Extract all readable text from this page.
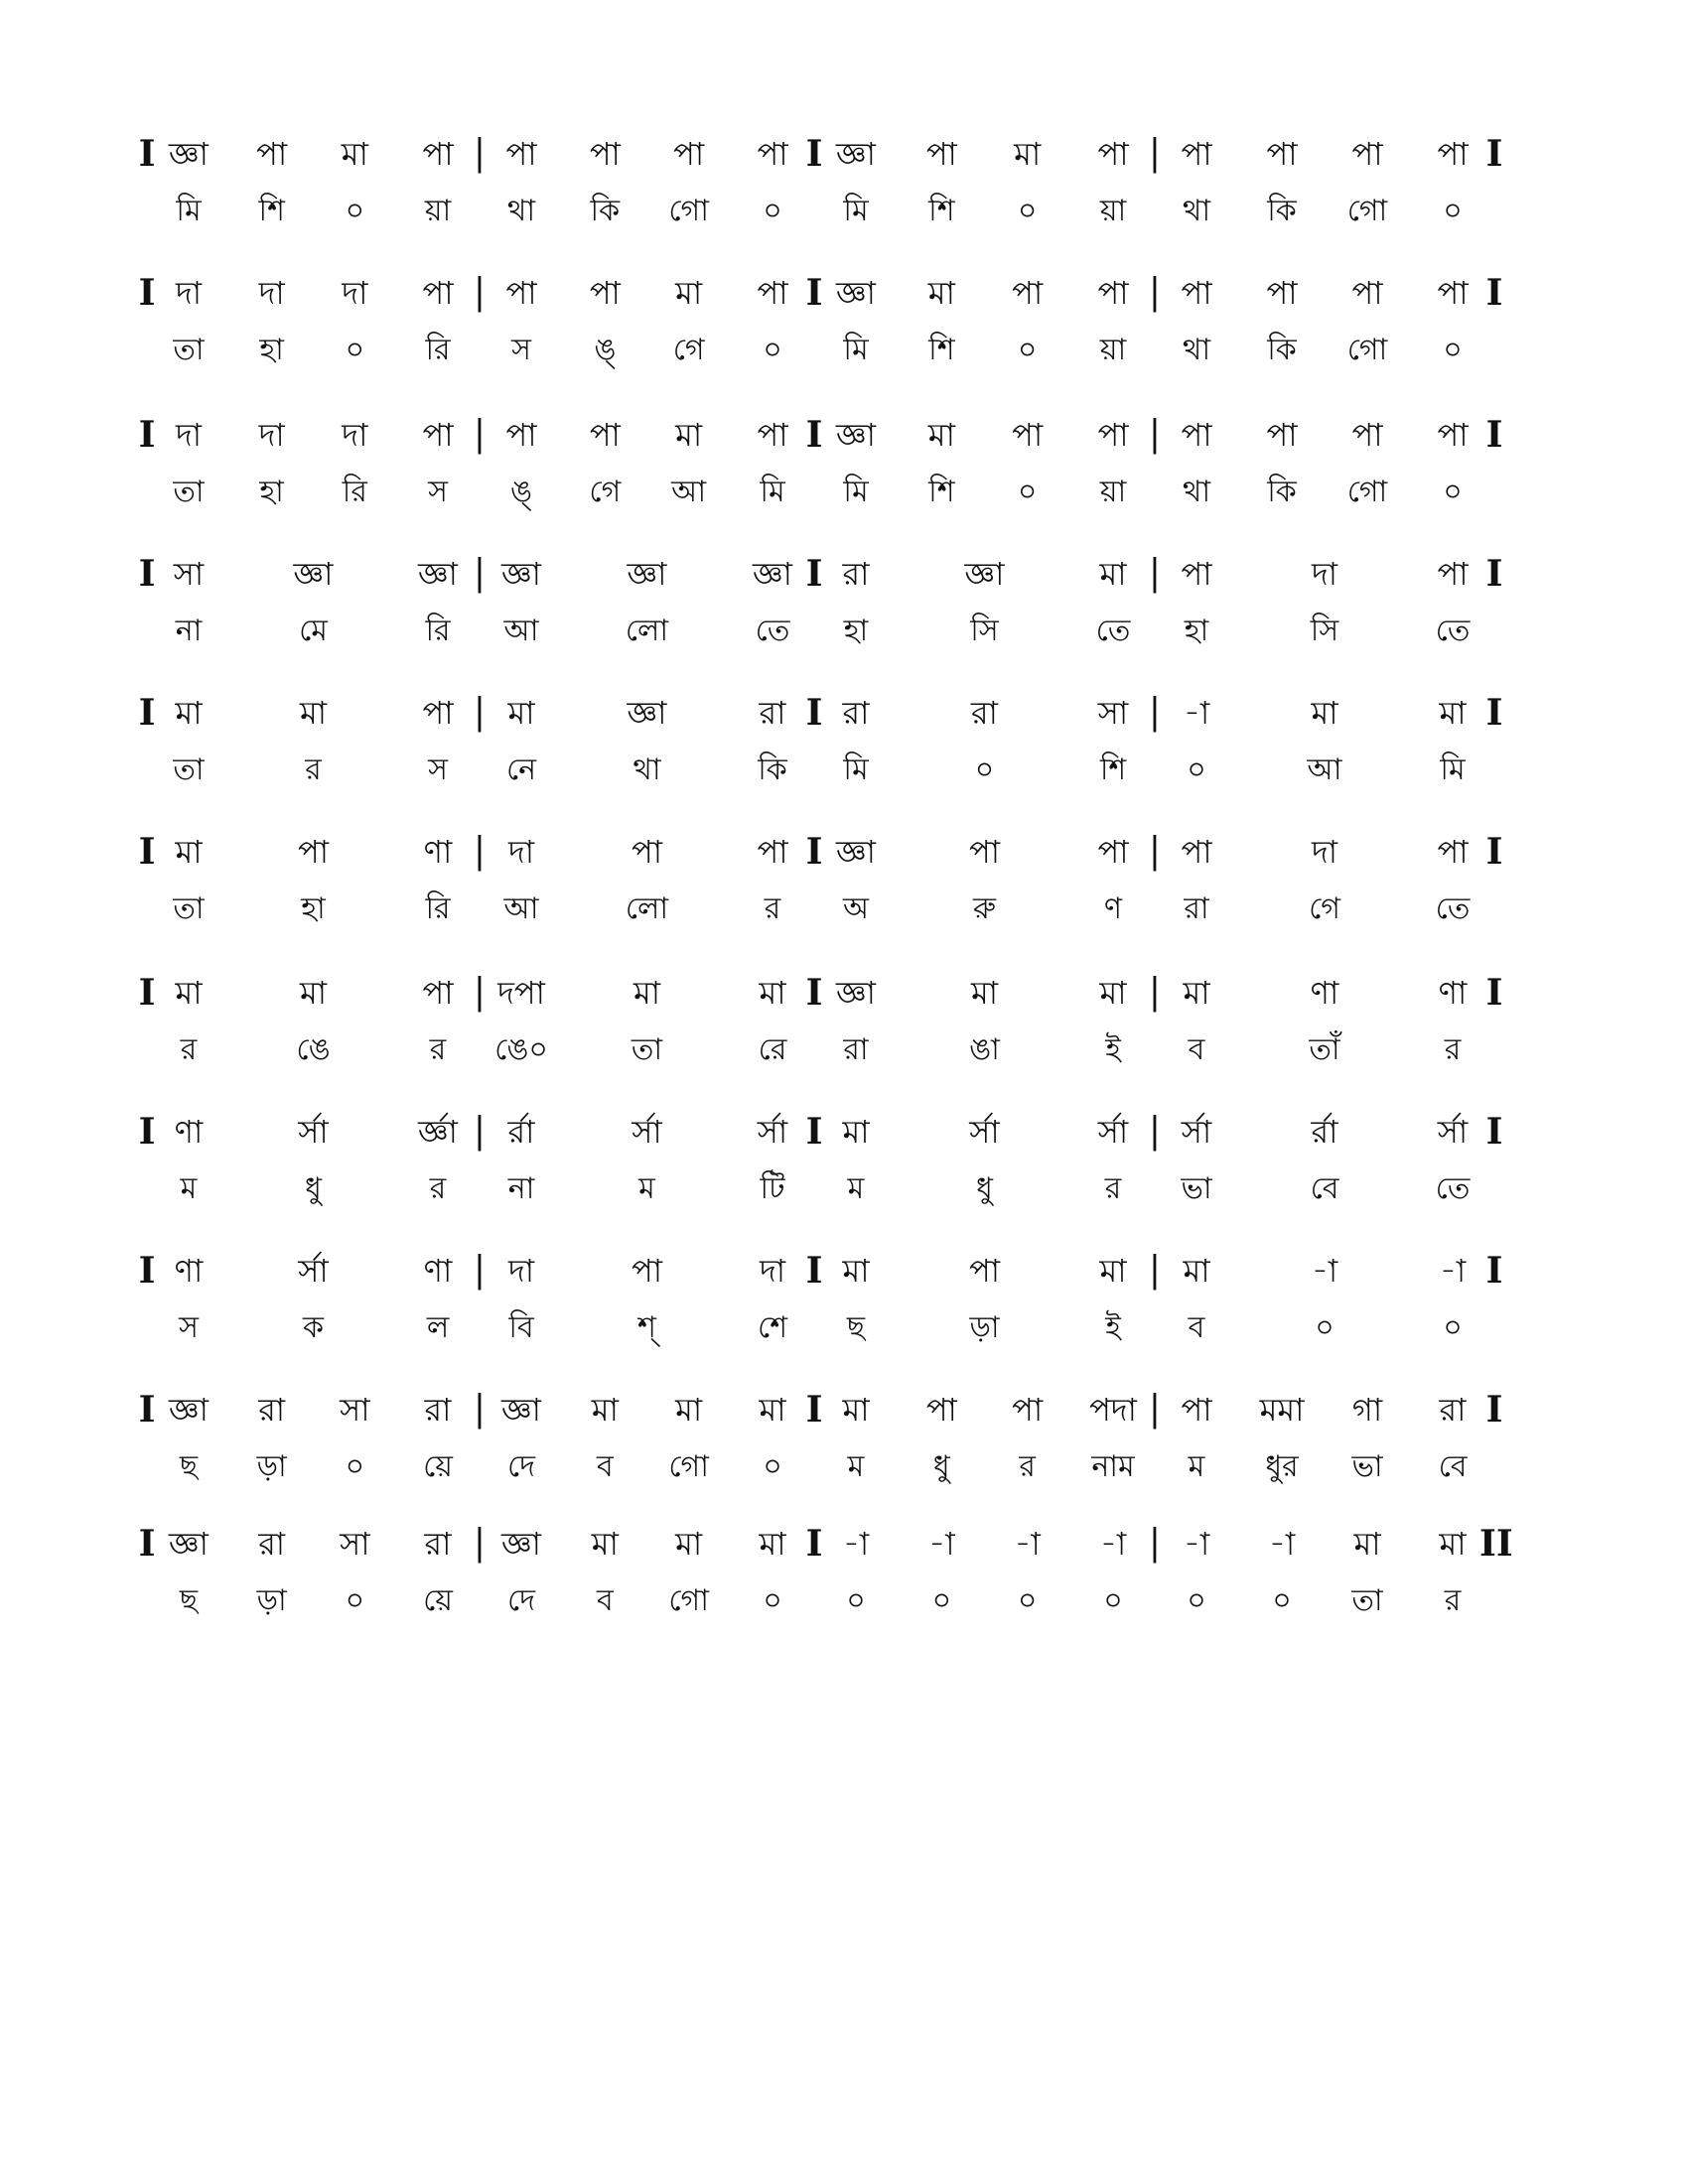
I	|	I	|	I
জ্ঞা	পা	মা	পা	পা	পা	পা	পা	জ্ঞা	পা	মা	পা	পা	পা	পা	পা
মি	শি	০	য়া	থা	কি	গো	০	মি	শি	০	য়া	থা	কি	গো	০
I	|	I	|	I
দা	দা	দা	পা	পা	পা	মা	পা	জ্ঞা	মা	পা	পা	পা	পা	পা	পা
তা	হা	০	রি	স	ঙ্	গে	০	মি	শি	০	য়া	থা	কি	গো	০
I	|	I	|	I
দা	দা	দা	পা	পা	পা	মা	পা	জ্ঞা	মা	পা	পা	পা	পা	পা	পা
তা	হা	রি	স	ঙ্	গে	আ	মি	মি	শি	০	য়া	থা	কি	গো	০
I	|	I	|	I
সা	জ্ঞা	জ্ঞা	জ্ঞা	জ্ঞা	জ্ঞা	রা	জ্ঞা	মা	পা	দা	পা
না	মে	রি	আ	লো	তে	হা	সি	তে	হা	সি	তে
I	|	I	|	I
মা	মা	পা	মা	জ্ঞা	রা	রা	রা	সা	-া	মা	মা
তা	র	স	নে	থা	কি	মি	০	শি	০	আ	মি
I	|	I	|	I
মা	পা	ণা	দা	পা	পা	জ্ঞা	পা	পা	পা	দা	পা
তা	হা	রি	আ	লো	র	অ	রু	ণ	রা	গে	তে
I	|	I	|	I
মা	মা	পা	দপা	মা	মা	জ্ঞা	মা	মা	মা	ণা	ণা
র	ঙে	র	ঙে০	তা	রে	রা	ঙা	ই	ব	তাঁ	র
I	|	I	|	I
ণা	র্সা	র্জ্ঞা	র্রা	র্সা	র্সা	মা	র্সা	র্সা	র্সা	র্রা	র্সা
ম	ধু	র	না	ম	টি	ম	ধু	র	ভা	বে	তে
I	|	I	|	I
ণা	র্সা	ণা	দা	পা	দা	মা	পা	মা	মা	-া	-া
স	ক	ল	বি	শ্	শে	ছ	ড়া	ই	ব	০	০
I	|	I	|	I
জ্ঞা	রা	সা	রা	জ্ঞা	মা	মা	মা	মা	পা	পা	পদা	পা	মমা	গা	রা
ছ	ড়া	০	য়ে	দে	ব	গো	০	ম	ধু	র	নাম	ম	ধুর	ভা	বে
I	|	I	|	II
জ্ঞা	রা	সা	রা	জ্ঞা	মা	মা	মা	-া	-া	-া	-া	-া	-া	মা	মা
ছ	ড়া	০	য়ে	দে	ব	গো	০	০	০	০	০	০	০	তা	র
